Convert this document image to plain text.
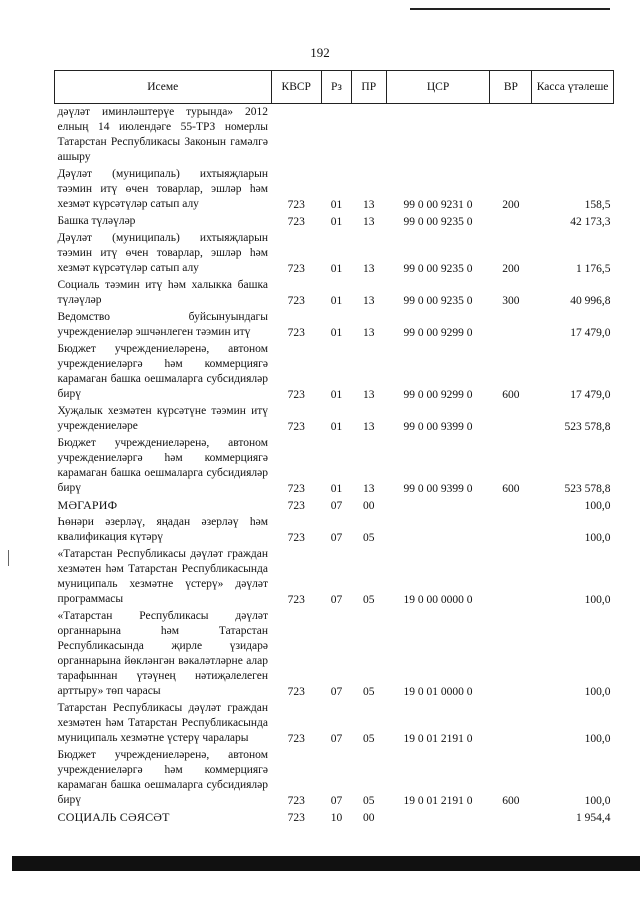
192
Исеме	КВСР	Рз	ПР	ЦСР	ВР	Касса үтәлеше
дәүләт иминләштерүе турында» 2012 елның 14 июлендәге 55-ТРЗ номерлы Татарстан Республикасы Законын гамәлгә ашыру						
Дәүләт (муниципаль) ихтыяҗларын тәэмин итү өчен товарлар, эшләр һәм хезмәт күрсәтүләр сатып алу	723	01	13	99 0 00 9231 0	200	158,5
Башка түләүләр	723	01	13	99 0 00 9235 0		42 173,3
Дәүләт (муниципаль) ихтыяҗларын тәэмин итү өчен товарлар, эшләр һәм хезмәт күрсәтүләр сатып алу	723	01	13	99 0 00 9235 0	200	1 176,5
Социаль тәэмин итү һәм халыкка башка түләүләр	723	01	13	99 0 00 9235 0	300	40 996,8
Ведомство буйсынуындагы учреждениеләр эшчәнлеген тәэмин итү	723	01	13	99 0 00 9299 0		17 479,0
Бюджет учреждениеләренә, автоном учреждениеләргә һәм коммерциягә карамаган башка оешмаларга субсидияләр бирү	723	01	13	99 0 00 9299 0	600	17 479,0
Хуҗалык хезмәтен күрсәтүне тәэмин итү учреждениеләре	723	01	13	99 0 00 9399 0		523 578,8
Бюджет учреждениеләренә, автоном учреждениеләргә һәм коммерциягә карамаган башка оешмаларга субсидияләр бирү	723	01	13	99 0 00 9399 0	600	523 578,8
МӘГАРИФ	723	07	00			100,0
Һөнәри әзерләү, яңадан әзерләү һәм квалификация күтәрү	723	07	05			100,0
«Татарстан Республикасы дәүләт граждан хезмәтен һәм Татарстан Республикасында муниципаль хезмәтне үстерү» дәүләт программасы	723	07	05	19 0 00 0000 0		100,0
«Татарстан Республикасы дәүләт органнарына һәм Татарстан Республикасында җирле үзидарә органнарына йөкләнгән вәкаләтләрне алар тарафыннан үтәүнең нәтиҗәлелеген арттыру» төп чарасы	723	07	05	19 0 01 0000 0		100,0
Татарстан Республикасы дәүләт граждан хезмәтен һәм Татарстан Республикасында муниципаль хезмәтне үстерү чаралары	723	07	05	19 0 01 2191 0		100,0
Бюджет учреждениеләренә, автоном учреждениеләргә һәм коммерциягә карамаган башка оешмаларга субсидияләр бирү	723	07	05	19 0 01 2191 0	600	100,0
СОЦИАЛЬ СӘЯСӘТ	723	10	00			1 954,4
